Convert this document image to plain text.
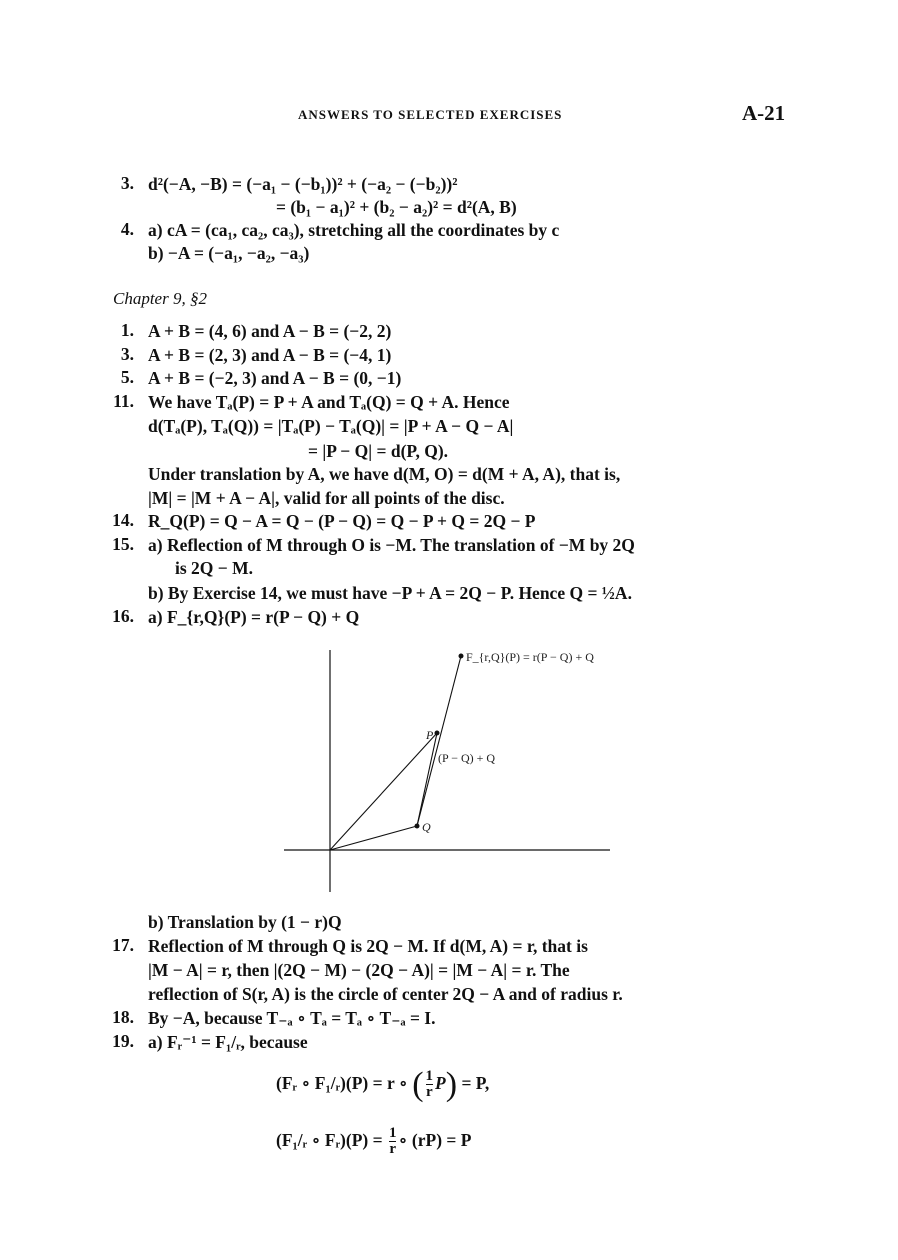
ANSWERS TO SELECTED EXERCISES	A-21
3. d²(−A, −B) = (−a₁ − (−b₁))² + (−a₂ − (−b₂))²
= (b₁ − a₁)² + (b₂ − a₂)² = d²(A, B)
4. a) cA = (ca₁, ca₂, ca₃), stretching all the coordinates by c
b) −A = (−a₁, −a₂, −a₃)
Chapter 9, §2
1. A + B = (4, 6) and A − B = (−2, 2)
3. A + B = (2, 3) and A − B = (−4, 1)
5. A + B = (−2, 3) and A − B = (0, −1)
11. We have Tₐ(P) = P + A and Tₐ(Q) = Q + A. Hence
d(Tₐ(P), Tₐ(Q)) = |Tₐ(P) − Tₐ(Q)| = |P + A − Q − A|
= |P − Q| = d(P, Q).
Under translation by A, we have d(M, O) = d(M + A, A), that is,
|M| = |M + A − A|, valid for all points of the disc.
14. R_Q(P) = Q − A = Q − (P − Q) = Q − P + Q = 2Q − P
15. a) Reflection of M through O is −M. The translation of −M by 2Q
is 2Q − M.
b) By Exercise 14, we must have −P + A = 2Q − P. Hence Q = ½A.
16. a) F_{r,Q}(P) = r(P − Q) + Q
F_{r,Q}(P) = r(P − Q) + Q
P
(P − Q) + Q
Q
b) Translation by (1 − r)Q
17. Reflection of M through Q is 2Q − M. If d(M, A) = r, that is
|M − A| = r, then |(2Q − M) − (2Q − A)| = |M − A| = r. The
reflection of S(r, A) is the circle of center 2Q − A and of radius r.
18. By −A, because T₋ₐ ∘ Tₐ = Tₐ ∘ T₋ₐ = I.
19. a) Fᵣ⁻¹ = F₁/ᵣ, because
(Fᵣ ∘ F₁/ᵣ)(P) = r ∘ ( $\frac{1}{r} P) = P$,
(F₁/ᵣ ∘ Fᵣ)(P) = $\frac{1}{r}$ ∘ (rP) = P
